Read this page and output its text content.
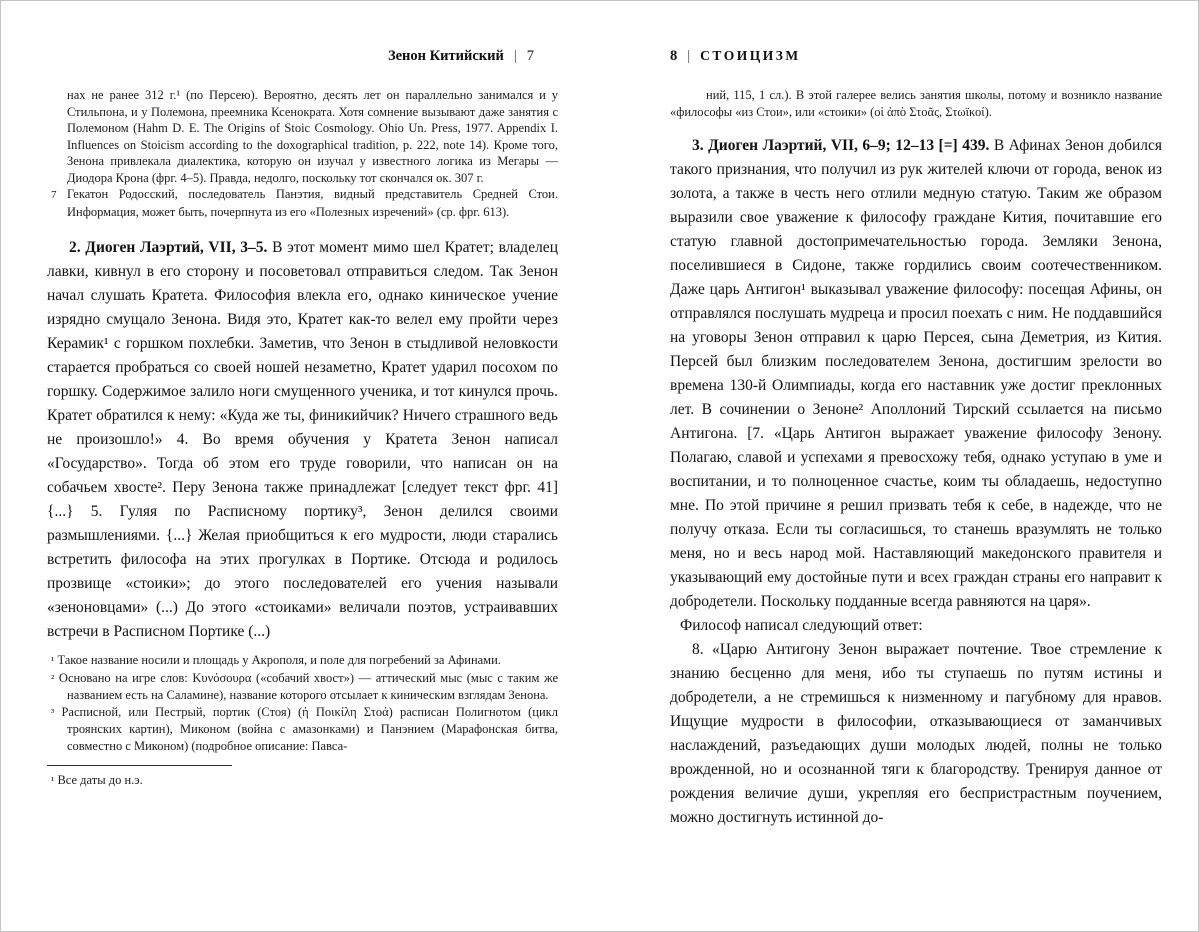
Зенон Китийский | 7

нах не ранее 312 г.¹ (по Персею). Вероятно, десять лет он параллельно занимался и у Стильпона, и у Полемона, преемника Ксенократа. Хотя сомнение вызывают даже занятия с Полемоном (Hahm D. E. The Origins of Stoic Cosmology. Ohio Un. Press, 1977. Appendix I. Influences on Stoicism according to the doxographical tradition, p. 222, note 14). Кроме того, Зенона привлекала диалектика, которую он изучал у известного логика из Мегары — Диодора Крона (фрг. 4–5). Правда, недолго, поскольку тот скончался ок. 307 г.

7 Гекатон Родосский, последователь Панэтия, видный представитель Средней Стои. Информация, может быть, почерпнута из его «Полезных изречений» (ср. фрг. 613).

2. Диоген Лаэртий, VII, 3–5. В этот момент мимо шел Кратет; владелец лавки, кивнул в его сторону и посоветовал отправиться следом. Так Зенон начал слушать Кратета. Философия влекла его, однако киническое учение изрядно смущало Зенона. Видя это, Кратет как-то велел ему пройти через Керамик¹ с горшком похлебки. Заметив, что Зенон в стыдливой неловкости старается пробраться со своей ношей незаметно, Кратет ударил посохом по горшку. Содержимое залило ноги смущенного ученика, и тот кинулся прочь. Кратет обратился к нему: «Куда же ты, финикийчик? Ничего страшного ведь не произошло!» 4. Во время обучения у Кратета Зенон написал «Государство». Тогда об этом его труде говорили, что написан он на собачьем хвосте². Перу Зенона также принадлежат [следует текст фрг. 41] {...} 5. Гуляя по Расписному портику³, Зенон делился своими размышлениями. {...} Желая приобщиться к его мудрости, люди старались встретить философа на этих прогулках в Портике. Отсюда и родилось прозвище «стоики»; до этого последователей его учения называли «зеноновцами» (...) До этого «стоиками» величали поэтов, устраивавших встречи в Расписном Портике (...)

¹ Такое название носили и площадь у Акрополя, и поле для погребений за Афинами.

² Основано на игре слов: Κυνόσουρα («собачий хвост») — аттический мыс (мыс с таким же названием есть на Саламине), название которого отсылает к киническим взглядам Зенона.

³ Расписной, или Пестрый, портик (Стоя) (ἡ Ποικίλη Στοά) расписан Полигнотом (цикл троянских картин), Миконом (война с амазонками) и Панэнием (Марафонская битва, совместно с Миконом) (подробное описание: Павса-

¹ Все даты до н.э.

8 | СТОИЦИЗМ

ний, 115, 1 сл.). В этой галерее велись занятия школы, потому и возникло название «философы «из Стои», или «стоики» (οἱ ἀπὸ Στοᾶς, Στωϊκοί).

3. Диоген Лаэртий, VII, 6–9; 12–13 [=] 439. В Афинах Зенон добился такого признания, что получил из рук жителей ключи от города, венок из золота, а также в честь него отлили медную статую. Таким же образом выразили свое уважение к философу граждане Кития, почитавшие его статую главной достопримечательностью города. Земляки Зенона, поселившиеся в Сидоне, также гордились своим соотечественником. Даже царь Антигон¹ выказывал уважение философу: посещая Афины, он отправлялся послушать мудреца и просил поехать с ним. Не поддавшийся на уговоры Зенон отправил к царю Персея, сына Деметрия, из Кития. Персей был близким последователем Зенона, достигшим зрелости во времена 130-й Олимпиады, когда его наставник уже достиг преклонных лет. В сочинении о Зеноне² Аполлоний Тирский ссылается на письмо Антигона. [7. «Царь Антигон выражает уважение философу Зенону. Полагаю, славой и успехами я превосхожу тебя, однако уступаю в уме и воспитании, и то полноценное счастье, коим ты обладаешь, недоступно мне. По этой причине я решил призвать тебя к себе, в надежде, что не получу отказа. Если ты согласишься, то станешь вразумлять не только меня, но и весь народ мой. Наставляющий македонского правителя и указывающий ему достойные пути и всех граждан страны его направит к добродетели. Поскольку подданные всегда равняются на царя».

Философ написал следующий ответ:

8. «Царю Антигону Зенон выражает почтение. Твое стремление к знанию бесценно для меня, ибо ты ступаешь по путям истины и добродетели, а не стремишься к низменному и пагубному для нравов. Ищущие мудрости в философии, отказывающиеся от заманчивых наслаждений, разъедающих души молодых людей, полны не только врожденной, но и осознанной тяги к благородству. Тренируя данное от рождения величие души, укрепляя его беспристрастным поучением, можно достигнуть истинной до-
